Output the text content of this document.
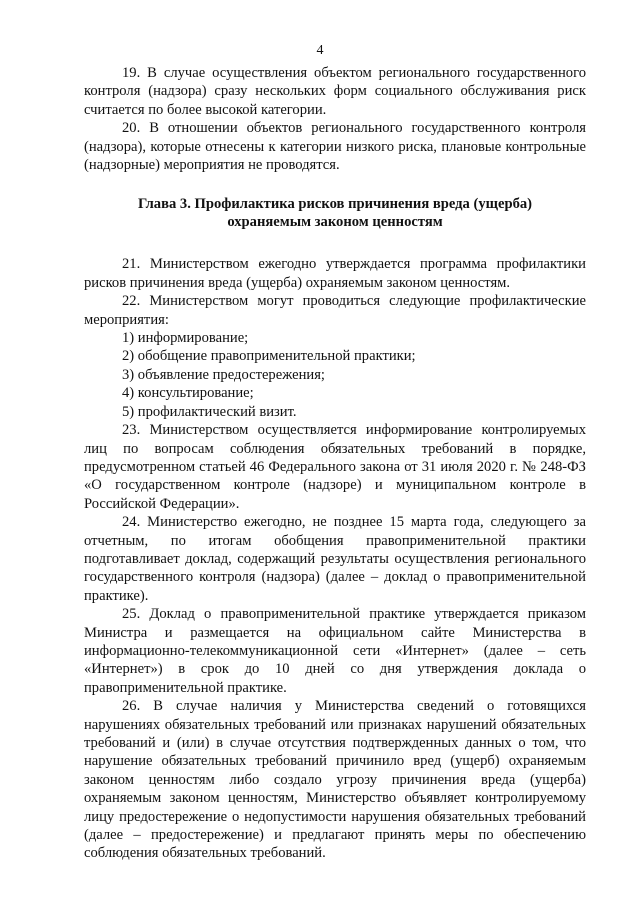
4

19. В случае осуществления объектом регионального государственного контроля (надзора) сразу нескольких форм социального обслуживания риск считается по более высокой категории.

20. В отношении объектов регионального государственного контроля (надзора), которые отнесены к категории низкого риска, плановые контрольные (надзорные) мероприятия не проводятся.

Глава 3. Профилактика рисков причинения вреда (ущерба)
охраняемым законом ценностям

21. Министерством ежегодно утверждается программа профилактики рисков причинения вреда (ущерба) охраняемым законом ценностям.

22. Министерством могут проводиться следующие профилактические мероприятия:

1) информирование;

2) обобщение правоприменительной практики;

3) объявление предостережения;

4) консультирование;

5) профилактический визит.

23. Министерством осуществляется информирование контролируемых лиц по вопросам соблюдения обязательных требований в порядке, предусмотренном статьей 46 Федерального закона от 31 июля 2020 г. № 248-ФЗ «О государственном контроле (надзоре) и муниципальном контроле в Российской Федерации».

24. Министерство ежегодно, не позднее 15 марта года, следующего за отчетным, по итогам обобщения правоприменительной практики подготавливает доклад, содержащий результаты осуществления регионального государственного контроля (надзора) (далее – доклад о правоприменительной практике).

25. Доклад о правоприменительной практике утверждается приказом Министра и размещается на официальном сайте Министерства в информационно-телекоммуникационной сети «Интернет» (далее – сеть «Интернет») в срок до 10 дней со дня утверждения доклада о правоприменительной практике.

26. В случае наличия у Министерства сведений о готовящихся нарушениях обязательных требований или признаках нарушений обязательных требований и (или) в случае отсутствия подтвержденных данных о том, что нарушение обязательных требований причинило вред (ущерб) охраняемым законом ценностям либо создало угрозу причинения вреда (ущерба) охраняемым законом ценностям, Министерство объявляет контролируемому лицу предостережение о недопустимости нарушения обязательных требований (далее – предостережение) и предлагают принять меры по обеспечению соблюдения обязательных требований.
